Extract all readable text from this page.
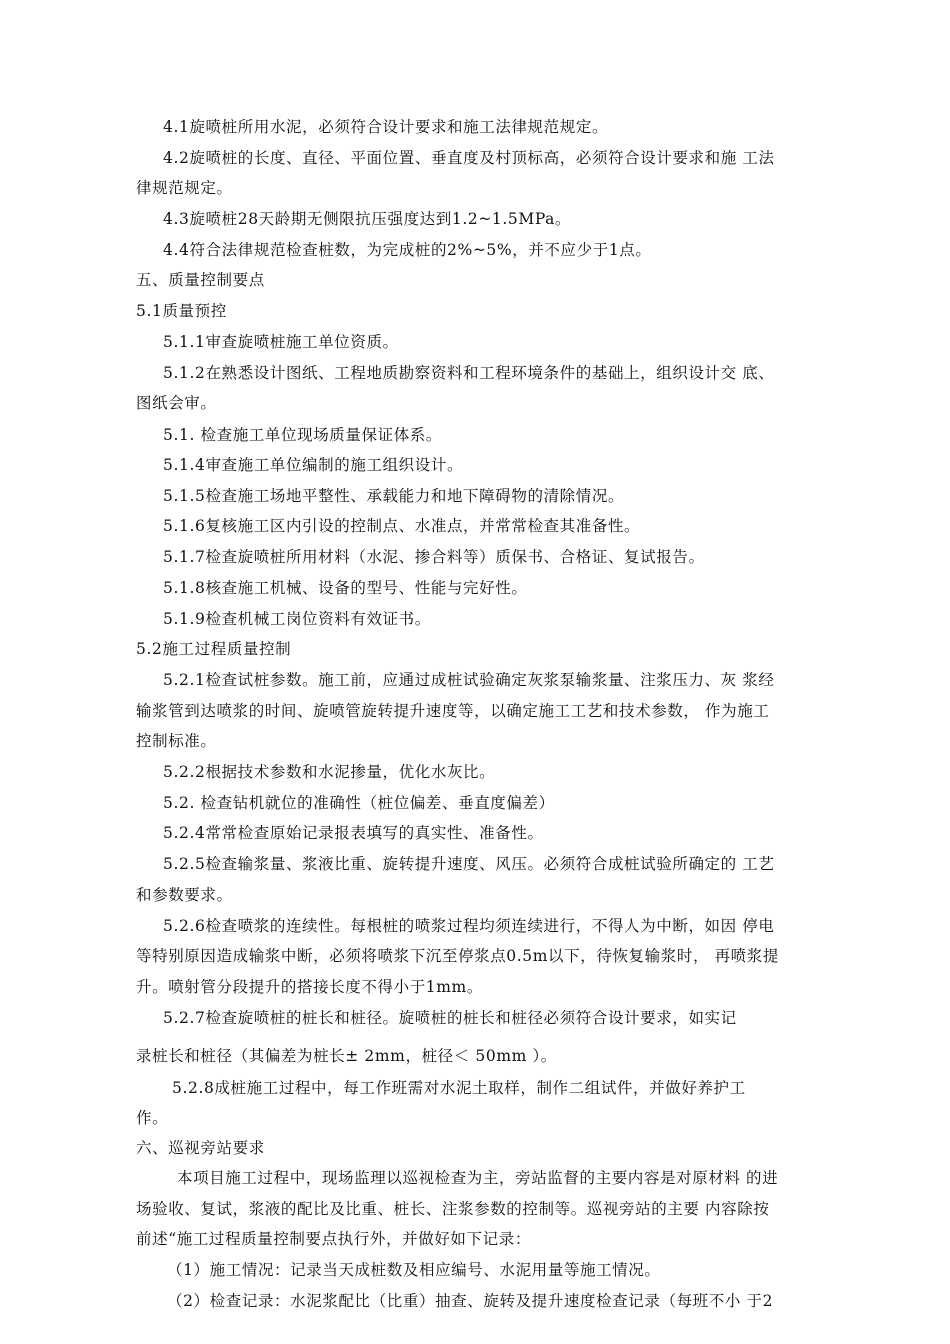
4.1旋喷桩所用水泥，必须符合设计要求和施工法律规范规定。
4.2旋喷桩的长度、直径、平面位置、垂直度及村顶标高，必须符合设计要求和施 工法
律规范规定。
4.3旋喷桩28天龄期无侧限抗压强度达到1.2~1.5MPa。
4.4符合法律规范检查桩数，为完成桩的2%~5%，并不应少于1点。
五、质量控制要点
5.1质量预控
5.1.1审查旋喷桩施工单位资质。
5.1.2在熟悉设计图纸、工程地质勘察资料和工程环境条件的基础上，组织设计交 底、
图纸会审。
5.1. 检查施工单位现场质量保证体系。
5.1.4审查施工单位编制的施工组织设计。
5.1.5检查施工场地平整性、承载能力和地下障碍物的清除情况。
5.1.6复核施工区内引设的控制点、水准点，并常常检查其准备性。
5.1.7检查旋喷桩所用材料（水泥、掺合料等）质保书、合格证、复试报告。
5.1.8核查施工机械、设备的型号、性能与完好性。
5.1.9检查机械工岗位资料有效证书。
5.2施工过程质量控制
5.2.1检查试桩参数。施工前，应通过成桩试验确定灰浆泵输浆量、注浆压力、灰 浆经
输浆管到达喷浆的时间、旋喷管旋转提升速度等，以确定施工工艺和技术参数， 作为施工
控制标准。
5.2.2根据技术参数和水泥掺量，优化水灰比。
5.2. 检查钻机就位的准确性（桩位偏差、垂直度偏差）
5.2.4常常检查原始记录报表填写的真实性、准备性。
5.2.5检查输浆量、浆液比重、旋转提升速度、风压。必须符合成桩试验所确定的 工艺
和参数要求。
5.2.6检查喷浆的连续性。每根桩的喷浆过程均须连续进行，不得人为中断，如因 停电
等特别原因造成输浆中断，必须将喷浆下沉至停浆点0.5m以下，待恢复输浆时， 再喷浆提
升。喷射管分段提升的搭接长度不得小于1mm。
5.2.7检查旋喷桩的桩长和桩径。旋喷桩的桩长和桩径必须符合设计要求，如实记
录桩长和桩径（其偏差为桩长± 2mm，桩径＜ 50mm ）。
5.2.8成桩施工过程中，每工作班需对水泥土取样，制作二组试件，并做好养护工
作。
六、巡视旁站要求
本项目施工过程中，现场监理以巡视检查为主，旁站监督的主要内容是对原材料 的进
场验收、复试，浆液的配比及比重、桩长、注浆参数的控制等。巡视旁站的主要 内容除按
前述“施工过程质量控制要点执行外，并做好如下记录：
（1）施工情况：记录当天成桩数及相应编号、水泥用量等施工情况。
（2）检查记录：水泥浆配比（比重）抽查、旋转及提升速度检查记录（每班不小 于2
